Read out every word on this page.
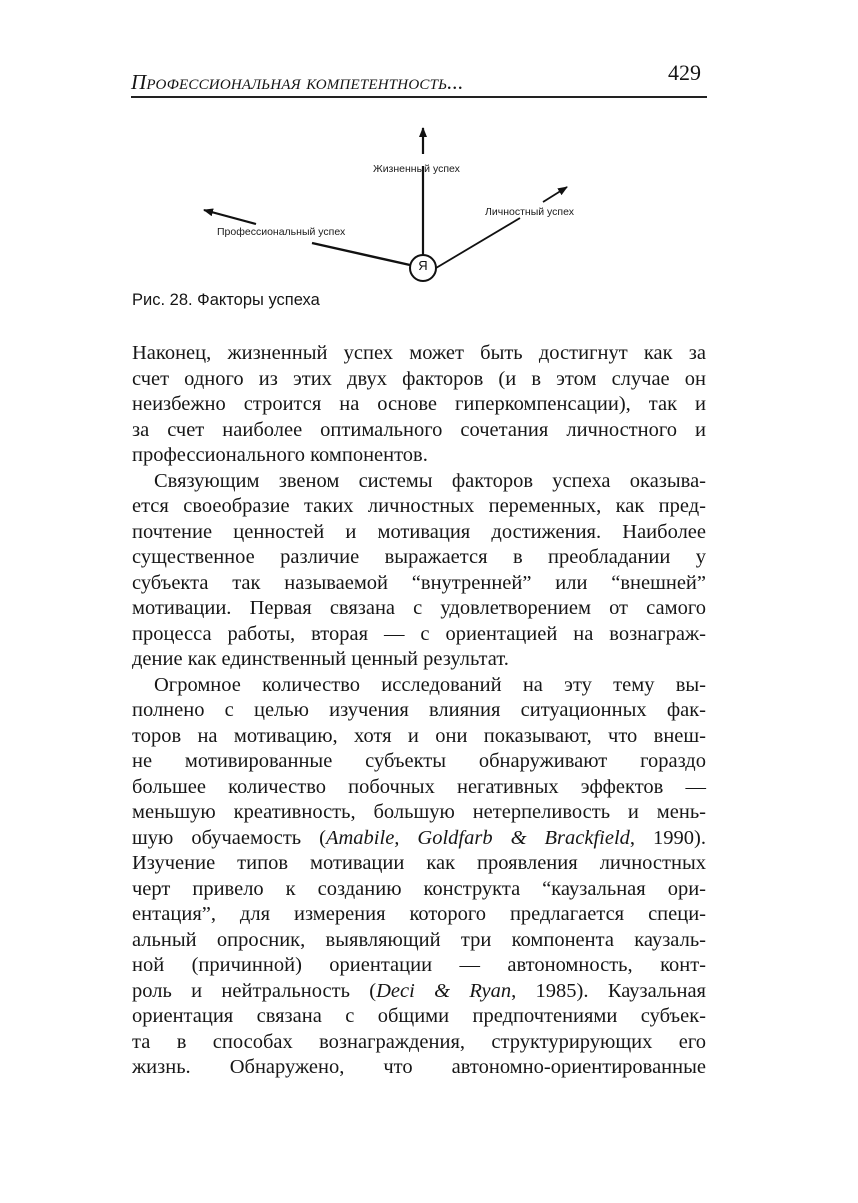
Профессиональная компетентность...	429
Я
Жизненный успех
Профессиональный успех
Личностный успех
Рис. 28. Факторы успеха
Наконец, жизненный успех может быть достигнут как за
счет одного из этих двух факторов (и в этом случае он
неизбежно строится на основе гиперкомпенсации), так и
за счет наиболее оптимального сочетания личностного и
профессионального компонентов.
Связующим звеном системы факторов успеха оказыва-
ется своеобразие таких личностных переменных, как пред-
почтение ценностей и мотивация достижения. Наиболее
существенное различие выражается в преобладании у
субъекта так называемой “внутренней” или “внешней”
мотивации. Первая связана с удовлетворением от самого
процесса работы, вторая — с ориентацией на вознаграж-
дение как единственный ценный результат.
Огромное количество исследований на эту тему вы-
полнено с целью изучения влияния ситуационных фак-
торов на мотивацию, хотя и они показывают, что внеш-
не мотивированные субъекты обнаруживают гораздо
большее количество побочных негативных эффектов —
меньшую креативность, большую нетерпеливость и мень-
шую обучаемость (Amabile, Goldfarb & Brackfield, 1990).
Изучение типов мотивации как проявления личностных
черт привело к созданию конструкта “каузальная ори-
ентация”, для измерения которого предлагается специ-
альный опросник, выявляющий три компонента каузаль-
ной (причинной) ориентации — автономность, конт-
роль и нейтральность (Deci & Ryan, 1985). Каузальная
ориентация связана с общими предпочтениями субъек-
та в способах вознаграждения, структурирующих его
жизнь. Обнаружено, что автономно-ориентированные
